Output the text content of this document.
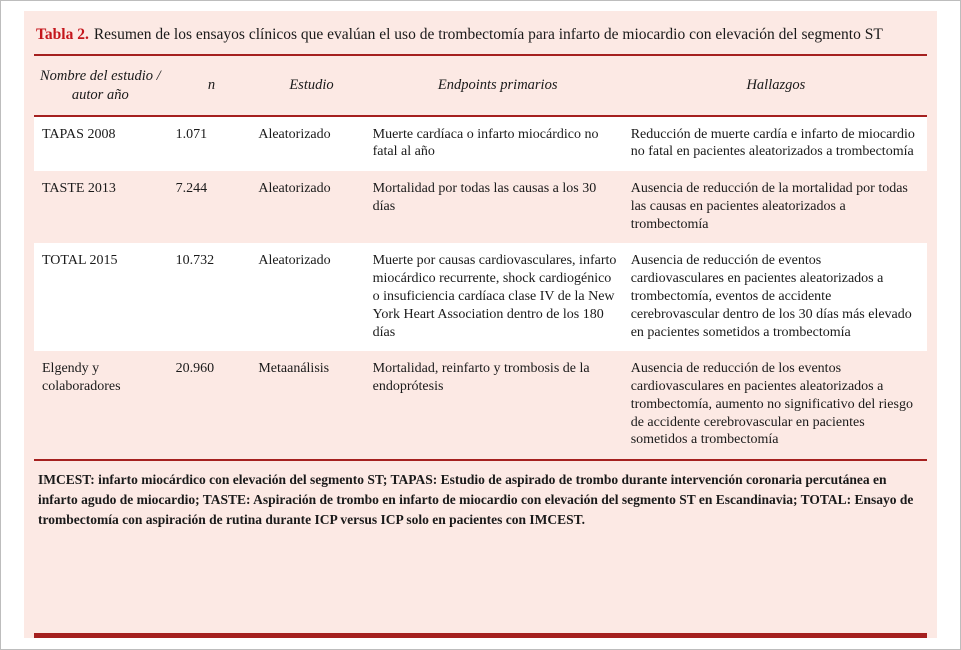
Tabla 2. Resumen de los ensayos clínicos que evalúan el uso de trombectomía para infarto de miocardio con elevación del segmento ST

Nombre del estudio / autor año	n	Estudio	Endpoints primarios	Hallazgos
TAPAS 2008	1.071	Aleatorizado	Muerte cardíaca o infarto miocárdico no fatal al año	Reducción de muerte cardía e infarto de miocardio no fatal en pacientes aleatorizados a trombectomía
TASTE 2013	7.244	Aleatorizado	Mortalidad por todas las causas a los 30 días	Ausencia de reducción de la mortalidad por todas las causas en pacientes aleatorizados a trombectomía
TOTAL 2015	10.732	Aleatorizado	Muerte por causas cardiovasculares, infarto miocárdico recurrente, shock cardiogénico o insuficiencia cardíaca clase IV de la New York Heart Association dentro de los 180 días	Ausencia de reducción de eventos cardiovasculares en pacientes aleatorizados a trombectomía, eventos de accidente cerebrovascular dentro de los 30 días más elevado en pacientes sometidos a trombectomía
Elgendy y colaboradores	20.960	Metaanálisis	Mortalidad, reinfarto y trombosis de la endoprótesis	Ausencia de reducción de los eventos cardiovasculares en pacientes aleatorizados a trombectomía, aumento no significativo del riesgo de accidente cerebrovascular en pacientes sometidos a trombectomía

IMCEST: infarto miocárdico con elevación del segmento ST; TAPAS: Estudio de aspirado de trombo durante intervención coronaria percutánea en infarto agudo de miocardio; TASTE: Aspiración de trombo en infarto de miocardio con elevación del segmento ST en Escandinavia; TOTAL: Ensayo de trombectomía con aspiración de rutina durante ICP versus ICP solo en pacientes con IMCEST.
